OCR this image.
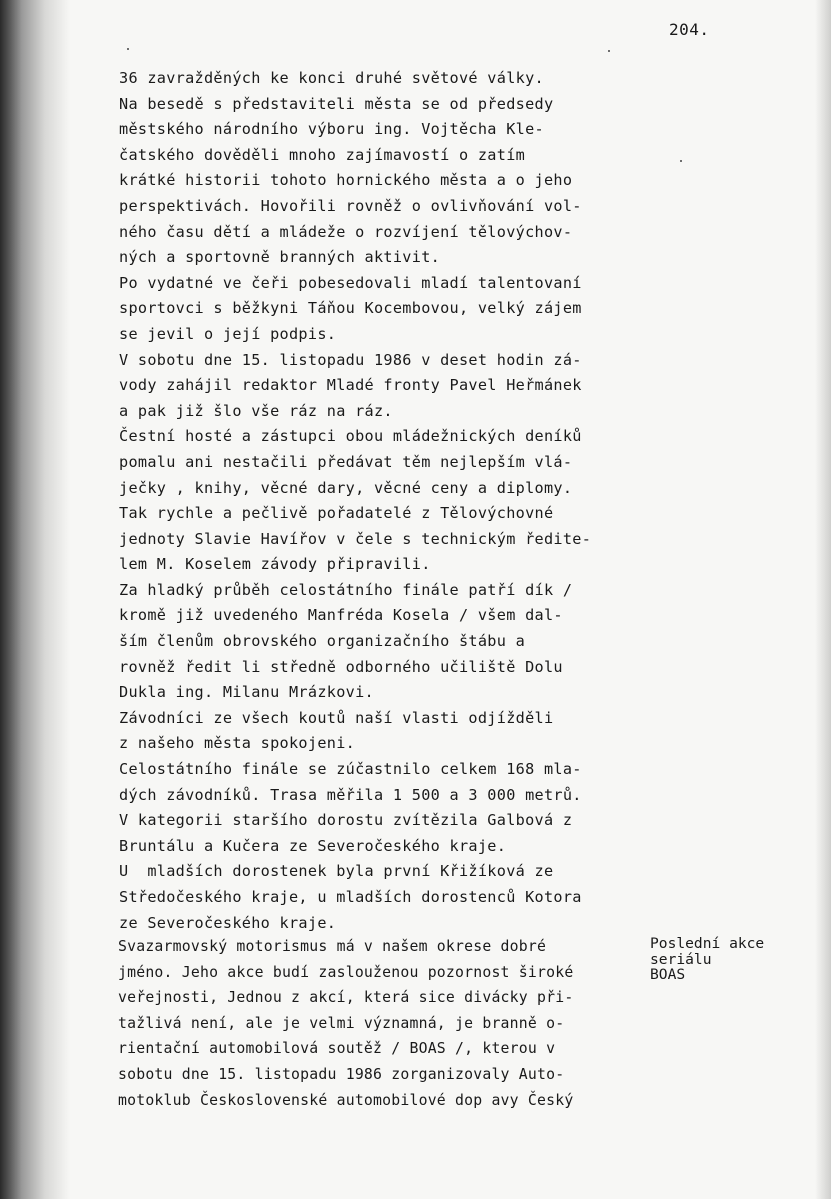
204.
36 zavražděných ke konci druhé světové války.
Na besedě s představiteli města se od předsedy
městského národního výboru ing. Vojtěcha Kle-
čatského dověděli mnoho zajímavostí o zatím
krátké historii tohoto hornického města a o jeho
perspektivách. Hovořili rovněž o ovlivňování vol-
ného času dětí a mládeže o rozvíjení tělovýchov-
ných a sportovně branných aktivit.
Po vydatné ve čeři pobesedovali mladí talentovaní
sportovci s běžkyni Táňou Kocembovou, velký zájem
se jevil o její podpis.
V sobotu dne 15. listopadu 1986 v deset hodin zá-
vody zahájil redaktor Mladé fronty Pavel Heřmánek
a pak již šlo vše ráz na ráz.
Čestní hosté a zástupci obou mládežnických deníků
pomalu ani nestačili předávat těm nejlepším vlá-
ječky , knihy, věcné dary, věcné ceny a diplomy.
Tak rychle a pečlivě pořadatelé z Tělovýchovné
jednoty Slavie Havířov v čele s technickým ředite-
lem M. Koselem závody připravili.
Za hladký průběh celostátního finále patří dík /
kromě již uvedeného Manfréda Kosela / všem dal-
ším členům obrovského organizačního štábu a
rovněž ředit li středně odborného učiliště Dolu
Dukla ing. Milanu Mrázkovi.
Závodníci ze všech koutů naší vlasti odjížděli
z našeho města spokojeni.
Celostátního finále se zúčastnilo celkem 168 mla-
dých závodníků. Trasa měřila 1 500 a 3 000 metrů.
V kategorii staršího dorostu zvítězila Galbová z
Bruntálu a Kučera ze Severočeského kraje.
U  mladších dorostenek byla první Křižíková ze
Středočeského kraje, u mladších dorostenců Kotora
ze Severočeského kraje.
Svazarmovský motorismus má v našem okrese dobré
jméno. Jeho akce budí zaslouženou pozornost široké
veřejnosti, Jednou z akcí, která sice divácky při-
tažlivá není, ale je velmi významná, je branně o-
rientační automobilová soutěž / BOAS /, kterou v
sobotu dne 15. listopadu 1986 zorganizovaly Auto-
motoklub Československé automobilové dop avy Český
Poslední akce
seriálu
BOAS
